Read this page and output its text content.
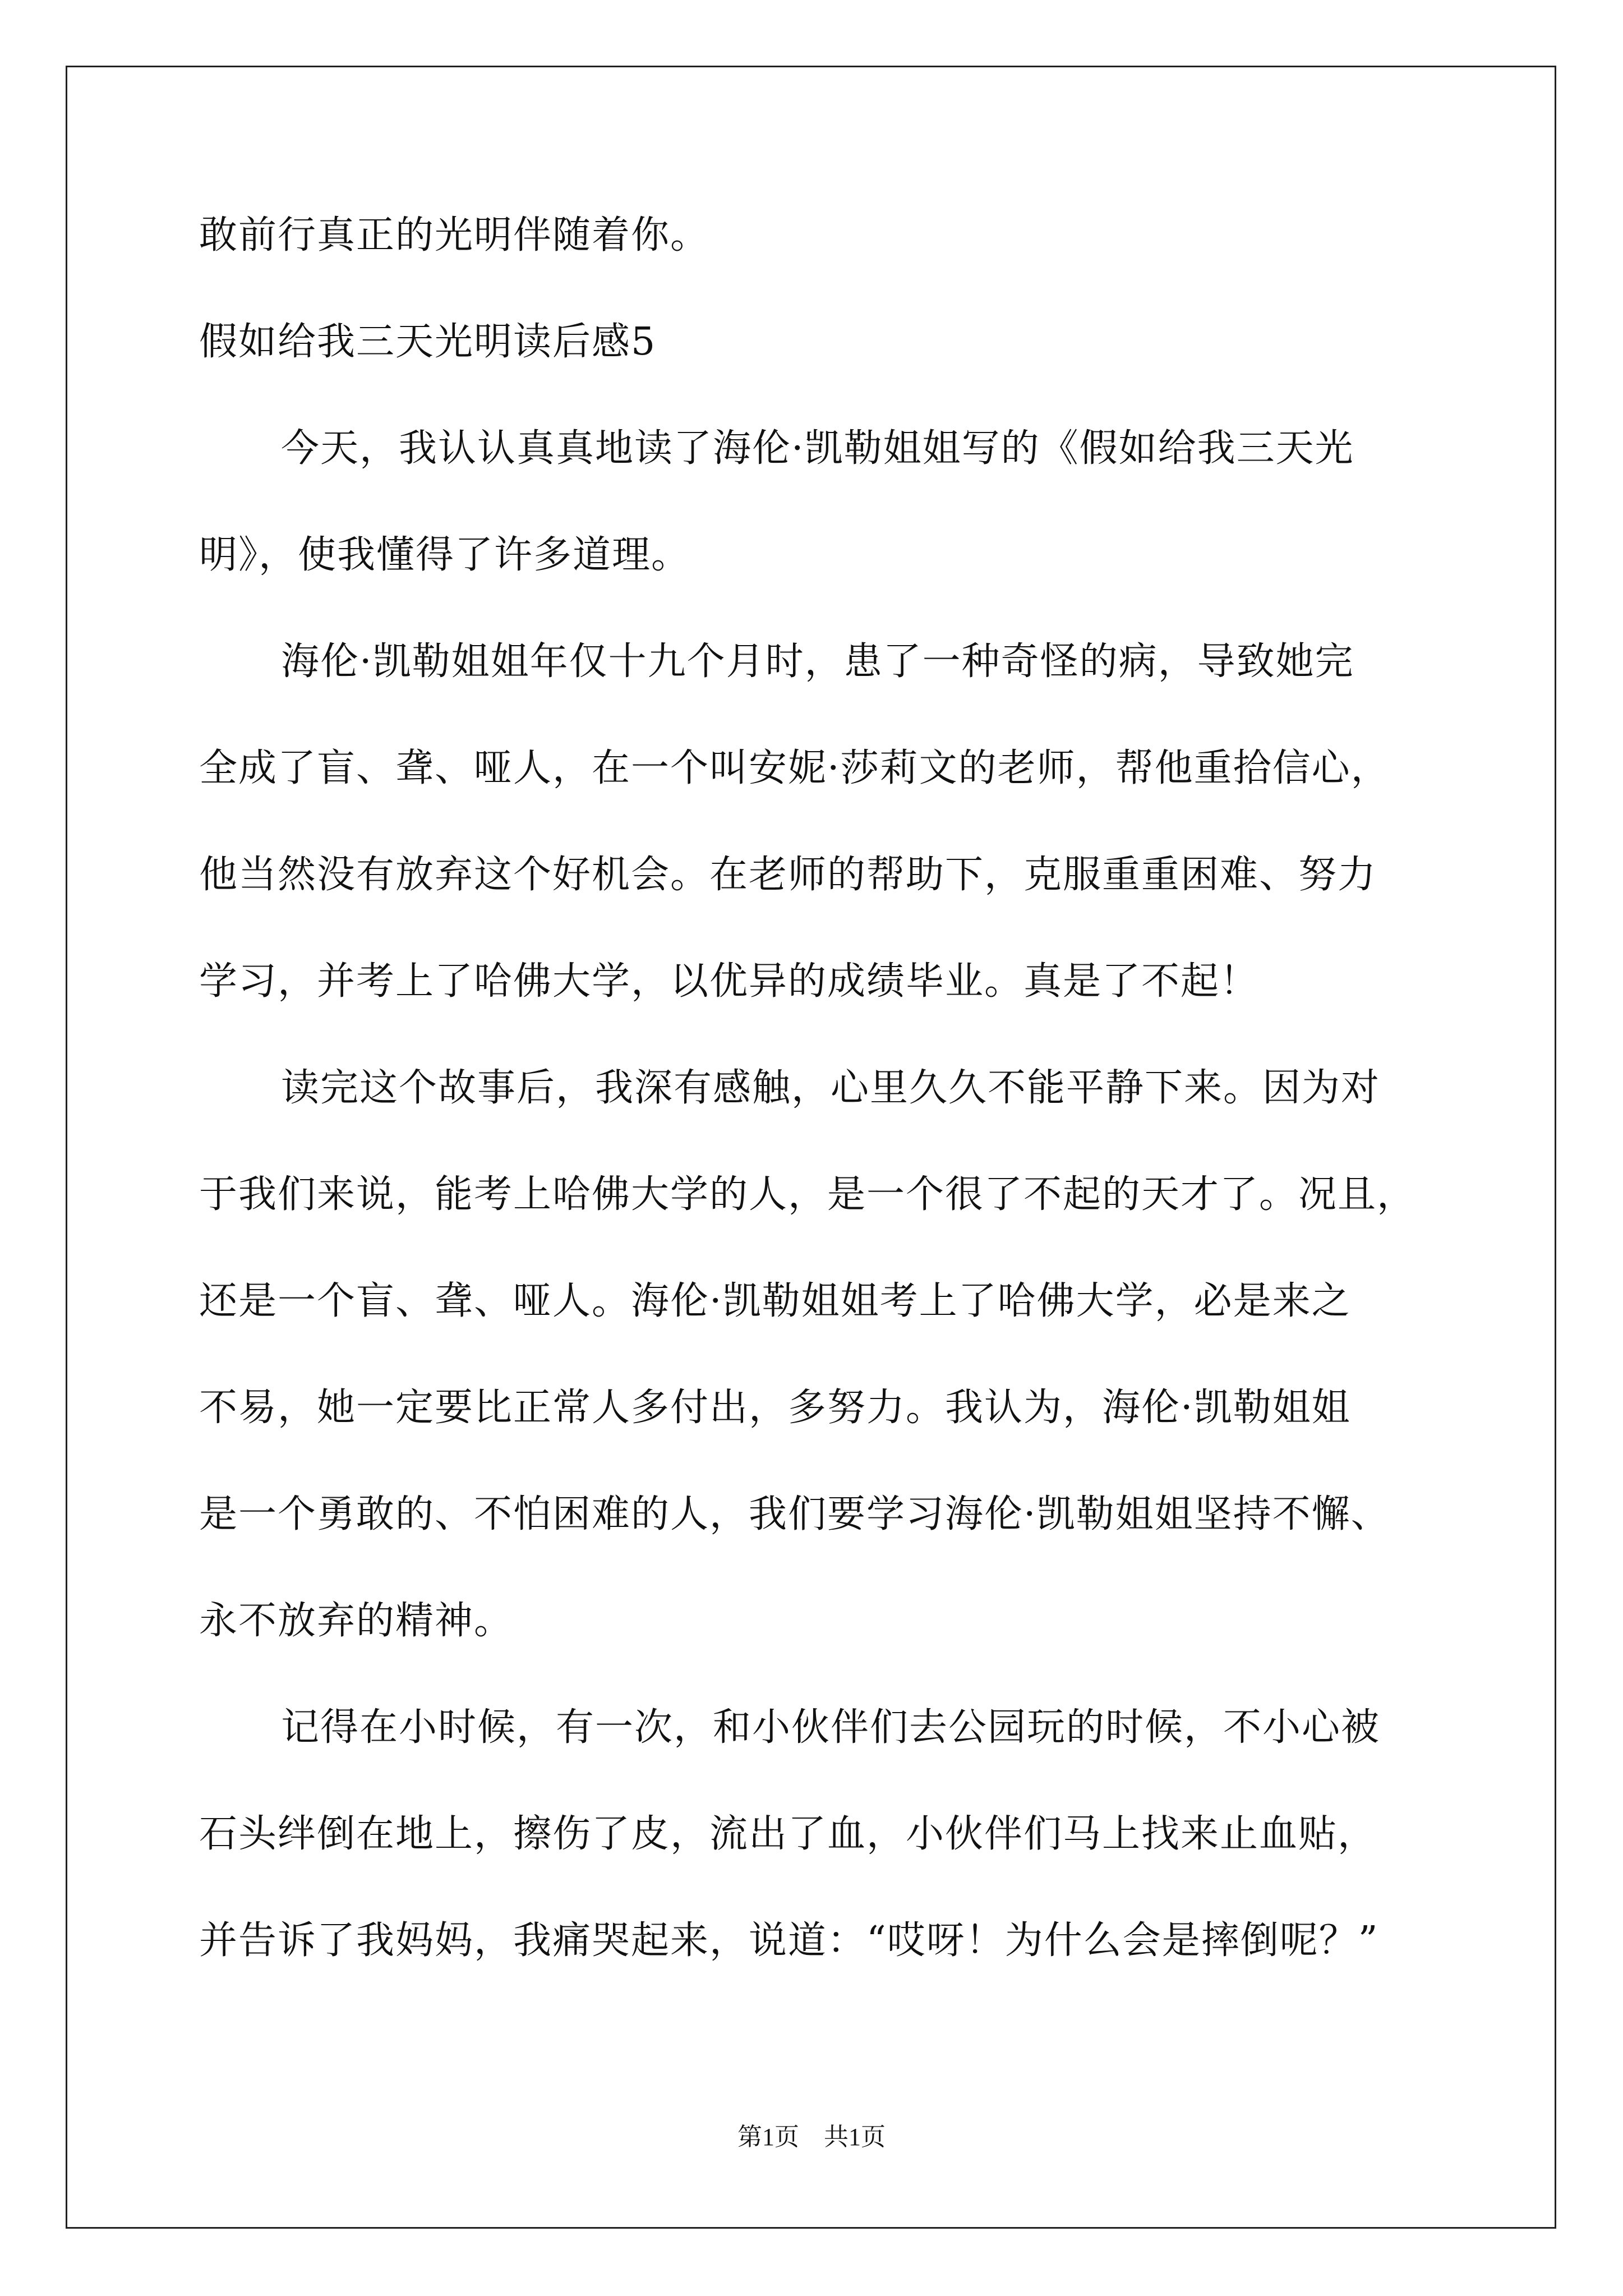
敢前行真正的光明伴随着你。
假如给我三天光明读后感5
今天，我认认真真地读了海伦·凯勒姐姐写的《假如给我三天光
明》，使我懂得了许多道理。
海伦·凯勒姐姐年仅十九个月时，患了一种奇怪的病，导致她完
全成了盲、聋、哑人，在一个叫安妮·莎莉文的老师，帮他重拾信心，
他当然没有放弃这个好机会。在老师的帮助下，克服重重困难、努力
学习，并考上了哈佛大学，以优异的成绩毕业。真是了不起！
读完这个故事后，我深有感触，心里久久不能平静下来。因为对
于我们来说，能考上哈佛大学的人，是一个很了不起的天才了。况且，
还是一个盲、聋、哑人。海伦·凯勒姐姐考上了哈佛大学，必是来之
不易，她一定要比正常人多付出，多努力。我认为，海伦·凯勒姐姐
是一个勇敢的、不怕困难的人，我们要学习海伦·凯勒姐姐坚持不懈、
永不放弃的精神。
记得在小时候，有一次，和小伙伴们去公园玩的时候，不小心被
石头绊倒在地上，擦伤了皮，流出了血，小伙伴们马上找来止血贴，
并告诉了我妈妈，我痛哭起来，说道：“哎呀！为什么会是摔倒呢？”
第1页　共1页
